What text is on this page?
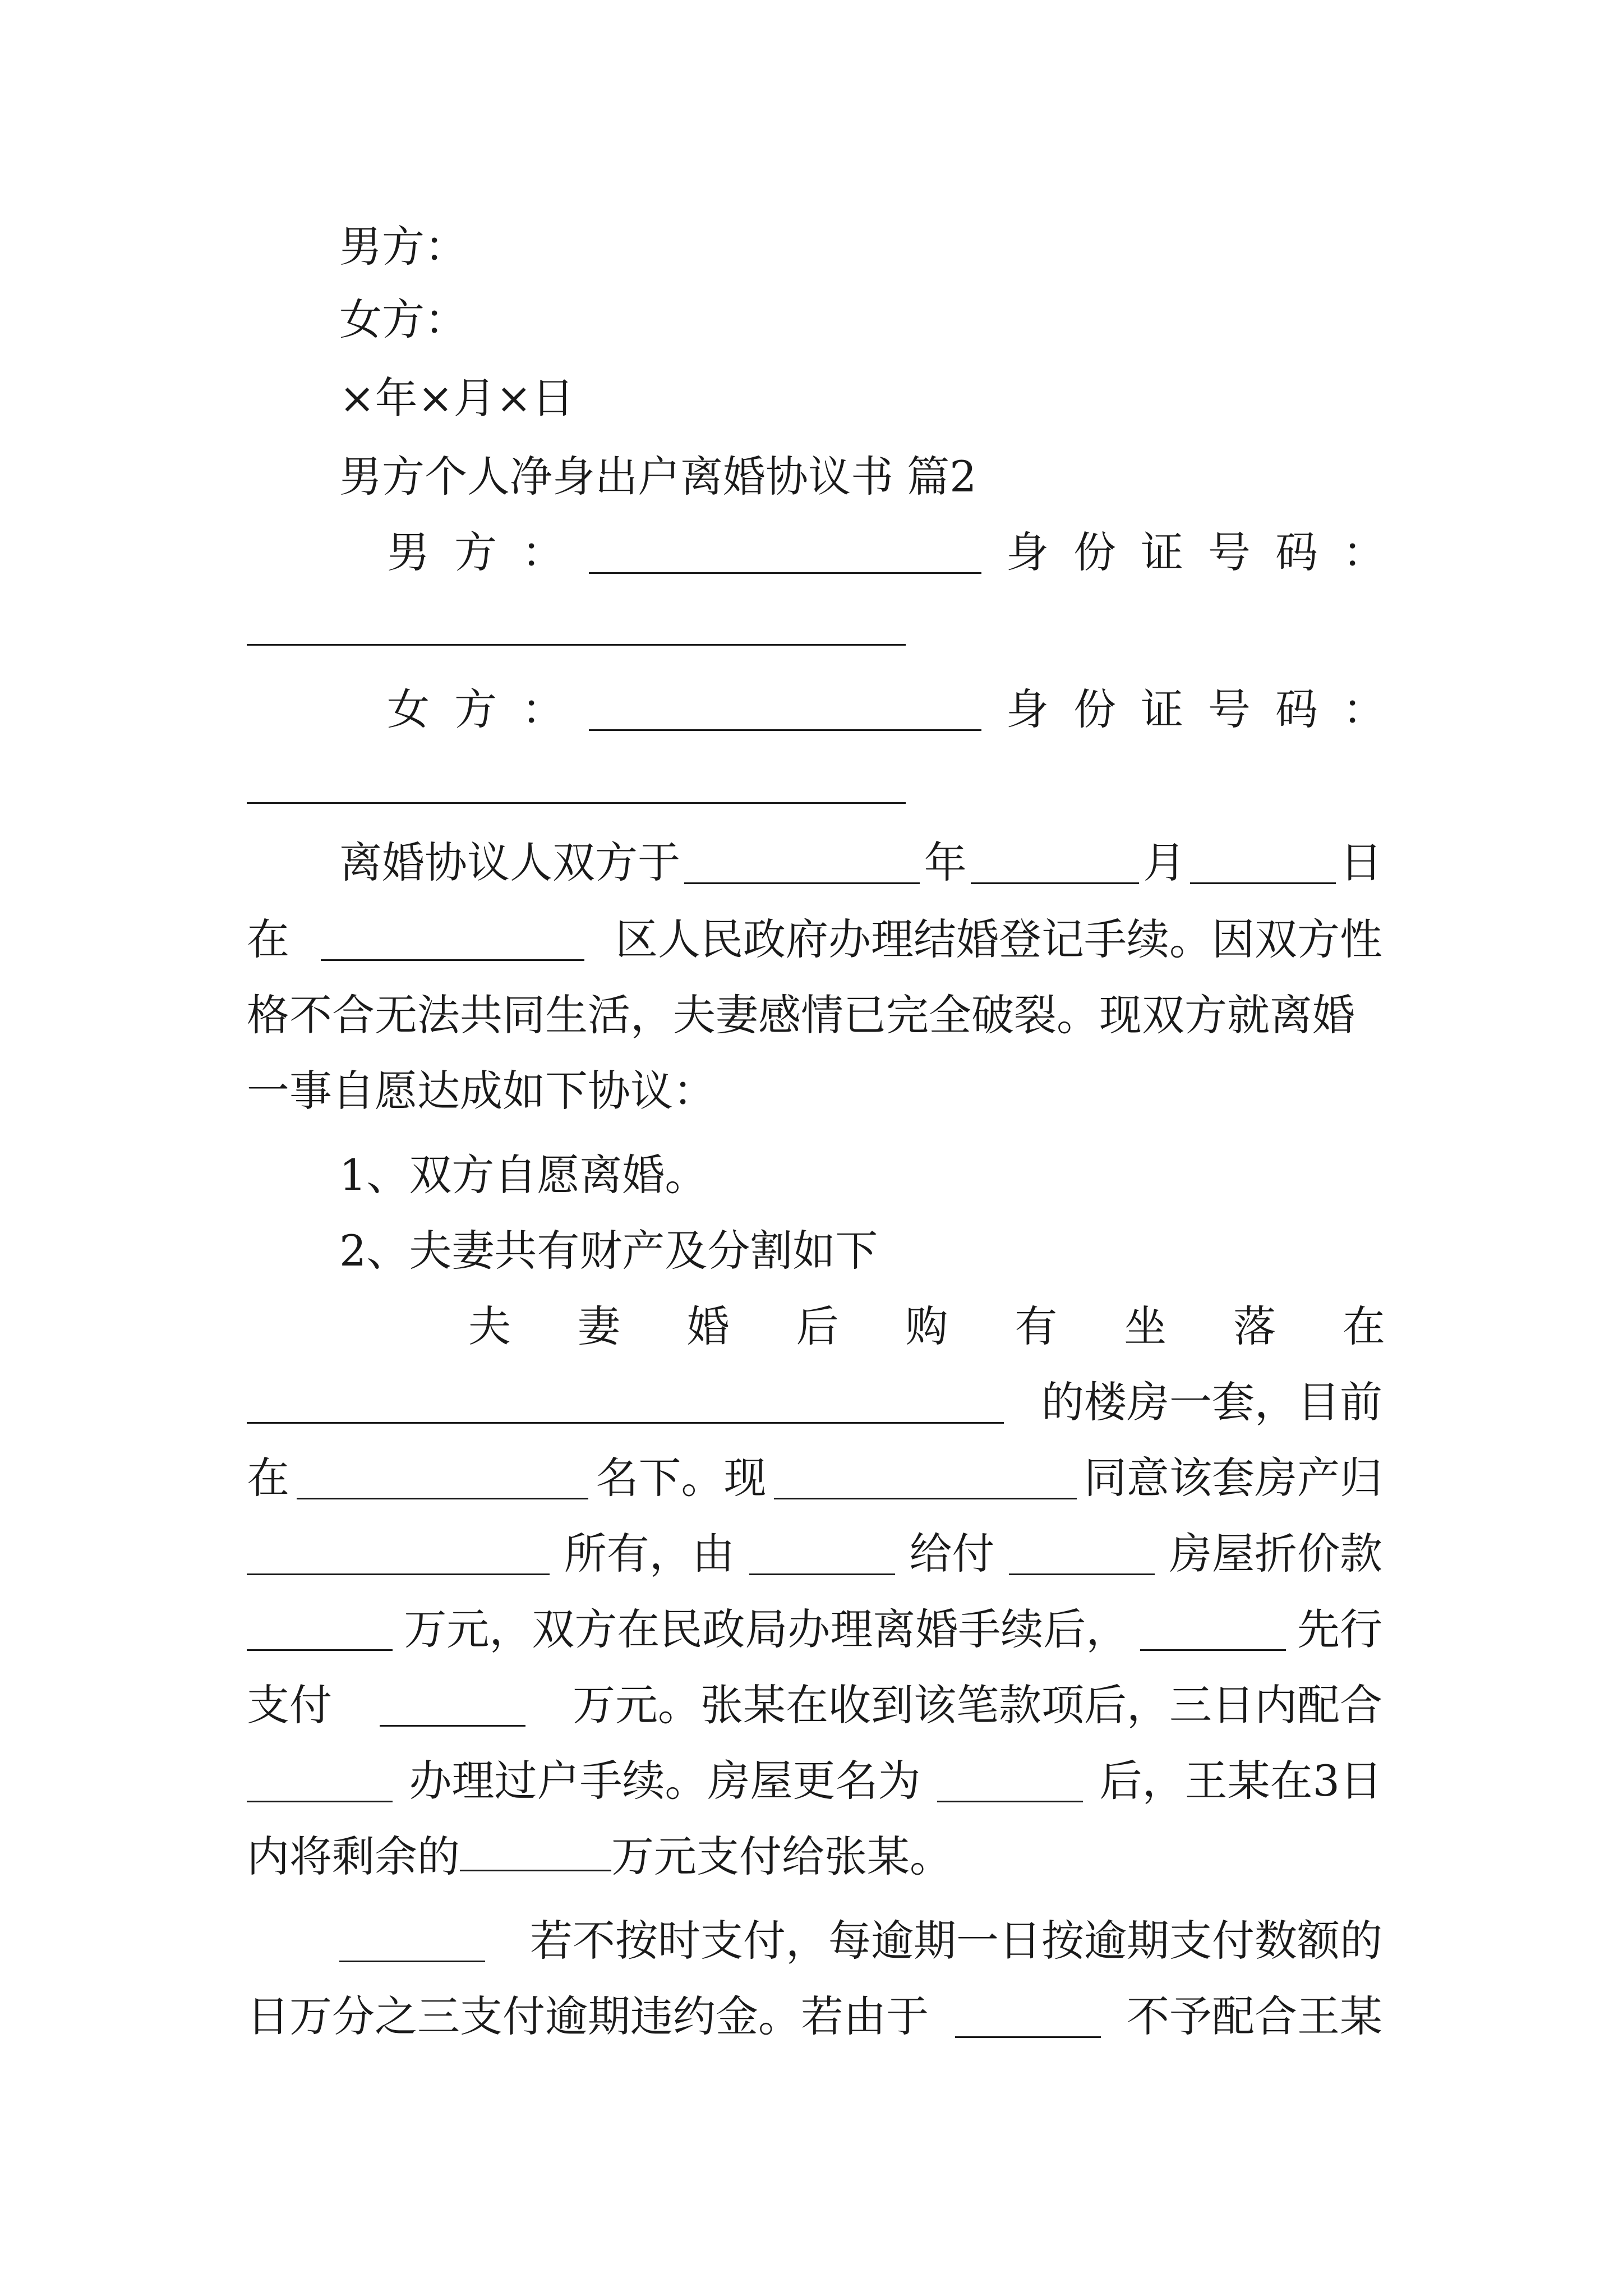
男方：
女方：
×年×月×日
男方个人净身出户离婚协议书 篇2
男 方 ：	身 份 证 号 码 ：
女 方 ：	身 份 证 号 码 ：
离婚协议人双方于	年	月	日
在	区人民政府办理结婚登记手续。因双方性
格不合无法共同生活，夫妻感情已完全破裂。现双方就离婚
一事自愿达成如下协议：
1、双方自愿离婚。
2、夫妻共有财产及分割如下
夫 妻 婚 后 购 有 坐 落 在
的楼房一套，目前
在	名下。现	同意该套房产归
所有，由	给付	房屋折价款
万元，双方在民政局办理离婚手续后，	先行
支付	万元。张某在收到该笔款项后，三日内配合
办理过户手续。房屋更名为	后，王某在3日
内将剩余的	万元支付给张某。
若不按时支付，每逾期一日按逾期支付数额的
日万分之三支付逾期违约金。若由于	不予配合王某
